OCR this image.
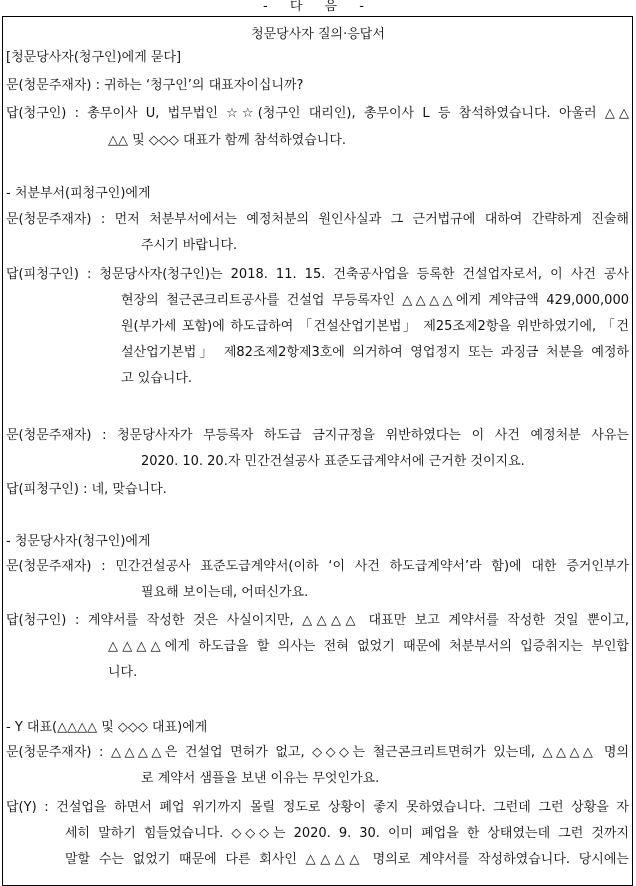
- 다 음 -
청문당사자 질의·응답서
[청문당사자(청구인)에게 묻다]
문(청문주재자) : 귀하는 ‘청구인’의 대표자이십니까?
답(청구인) : 총무이사 U, 법무법인 ☆☆(청구인 대리인), 총무이사 L 등 참석하였습니다. 아울러 △△
△△ 및 ◇◇◇ 대표가 함께 참석하였습니다.
- 처분부서(피청구인)에게
문(청문주재자) : 먼저 처분부서에서는 예정처분의 원인사실과 그 근거법규에 대하여 간략하게 진술해
주시기 바랍니다.
답(피청구인) : 청문당사자(청구인)는 2018. 11. 15. 건축공사업을 등록한 건설업자로서, 이 사건 공사
현장의 철근콘크리트공사를 건설업 무등록자인 △△△△에게 계약금액 429,000,000
원(부가세 포함)에 하도급하여 「건설산업기본법」 제25조제2항을 위반하였기에, 「건
설산업기본법」 제82조제2항제3호에 의거하여 영업정지 또는 과징금 처분을 예정하
고 있습니다.
문(청문주재자) : 청문당사자가 무등록자 하도급 금지규정을 위반하였다는 이 사건 예정처분 사유는
2020. 10. 20.자 민간건설공사 표준도급계약서에 근거한 것이지요.
답(피청구인) : 네, 맞습니다.
- 청문당사자(청구인)에게
문(청문주재자) : 민간건설공사 표준도급계약서(이하 ‘이 사건 하도급계약서’라 함)에 대한 증거인부가
필요해 보이는데, 어떠신가요.
답(청구인) : 계약서를 작성한 것은 사실이지만, △△△△ 대표만 보고 계약서를 작성한 것일 뿐이고,
△△△△에게 하도급을 할 의사는 전혀 없었기 때문에 처분부서의 입증취지는 부인합
니다.
- Y 대표(△△△△ 및 ◇◇◇ 대표)에게
문(청문주재자) : △△△△은 건설업 면허가 없고, ◇◇◇는 철근콘크리트면허가 있는데, △△△△ 명의
로 계약서 샘플을 보낸 이유는 무엇인가요.
답(Y) : 건설업을 하면서 폐업 위기까지 몰릴 정도로 상황이 좋지 못하였습니다. 그런데 그런 상황을 자
세히 말하기 힘들었습니다. ◇◇◇는 2020. 9. 30. 이미 폐업을 한 상태였는데 그런 것까지
말할 수는 없었기 때문에 다른 회사인 △△△△ 명의로 계약서를 작성하였습니다. 당시에는
